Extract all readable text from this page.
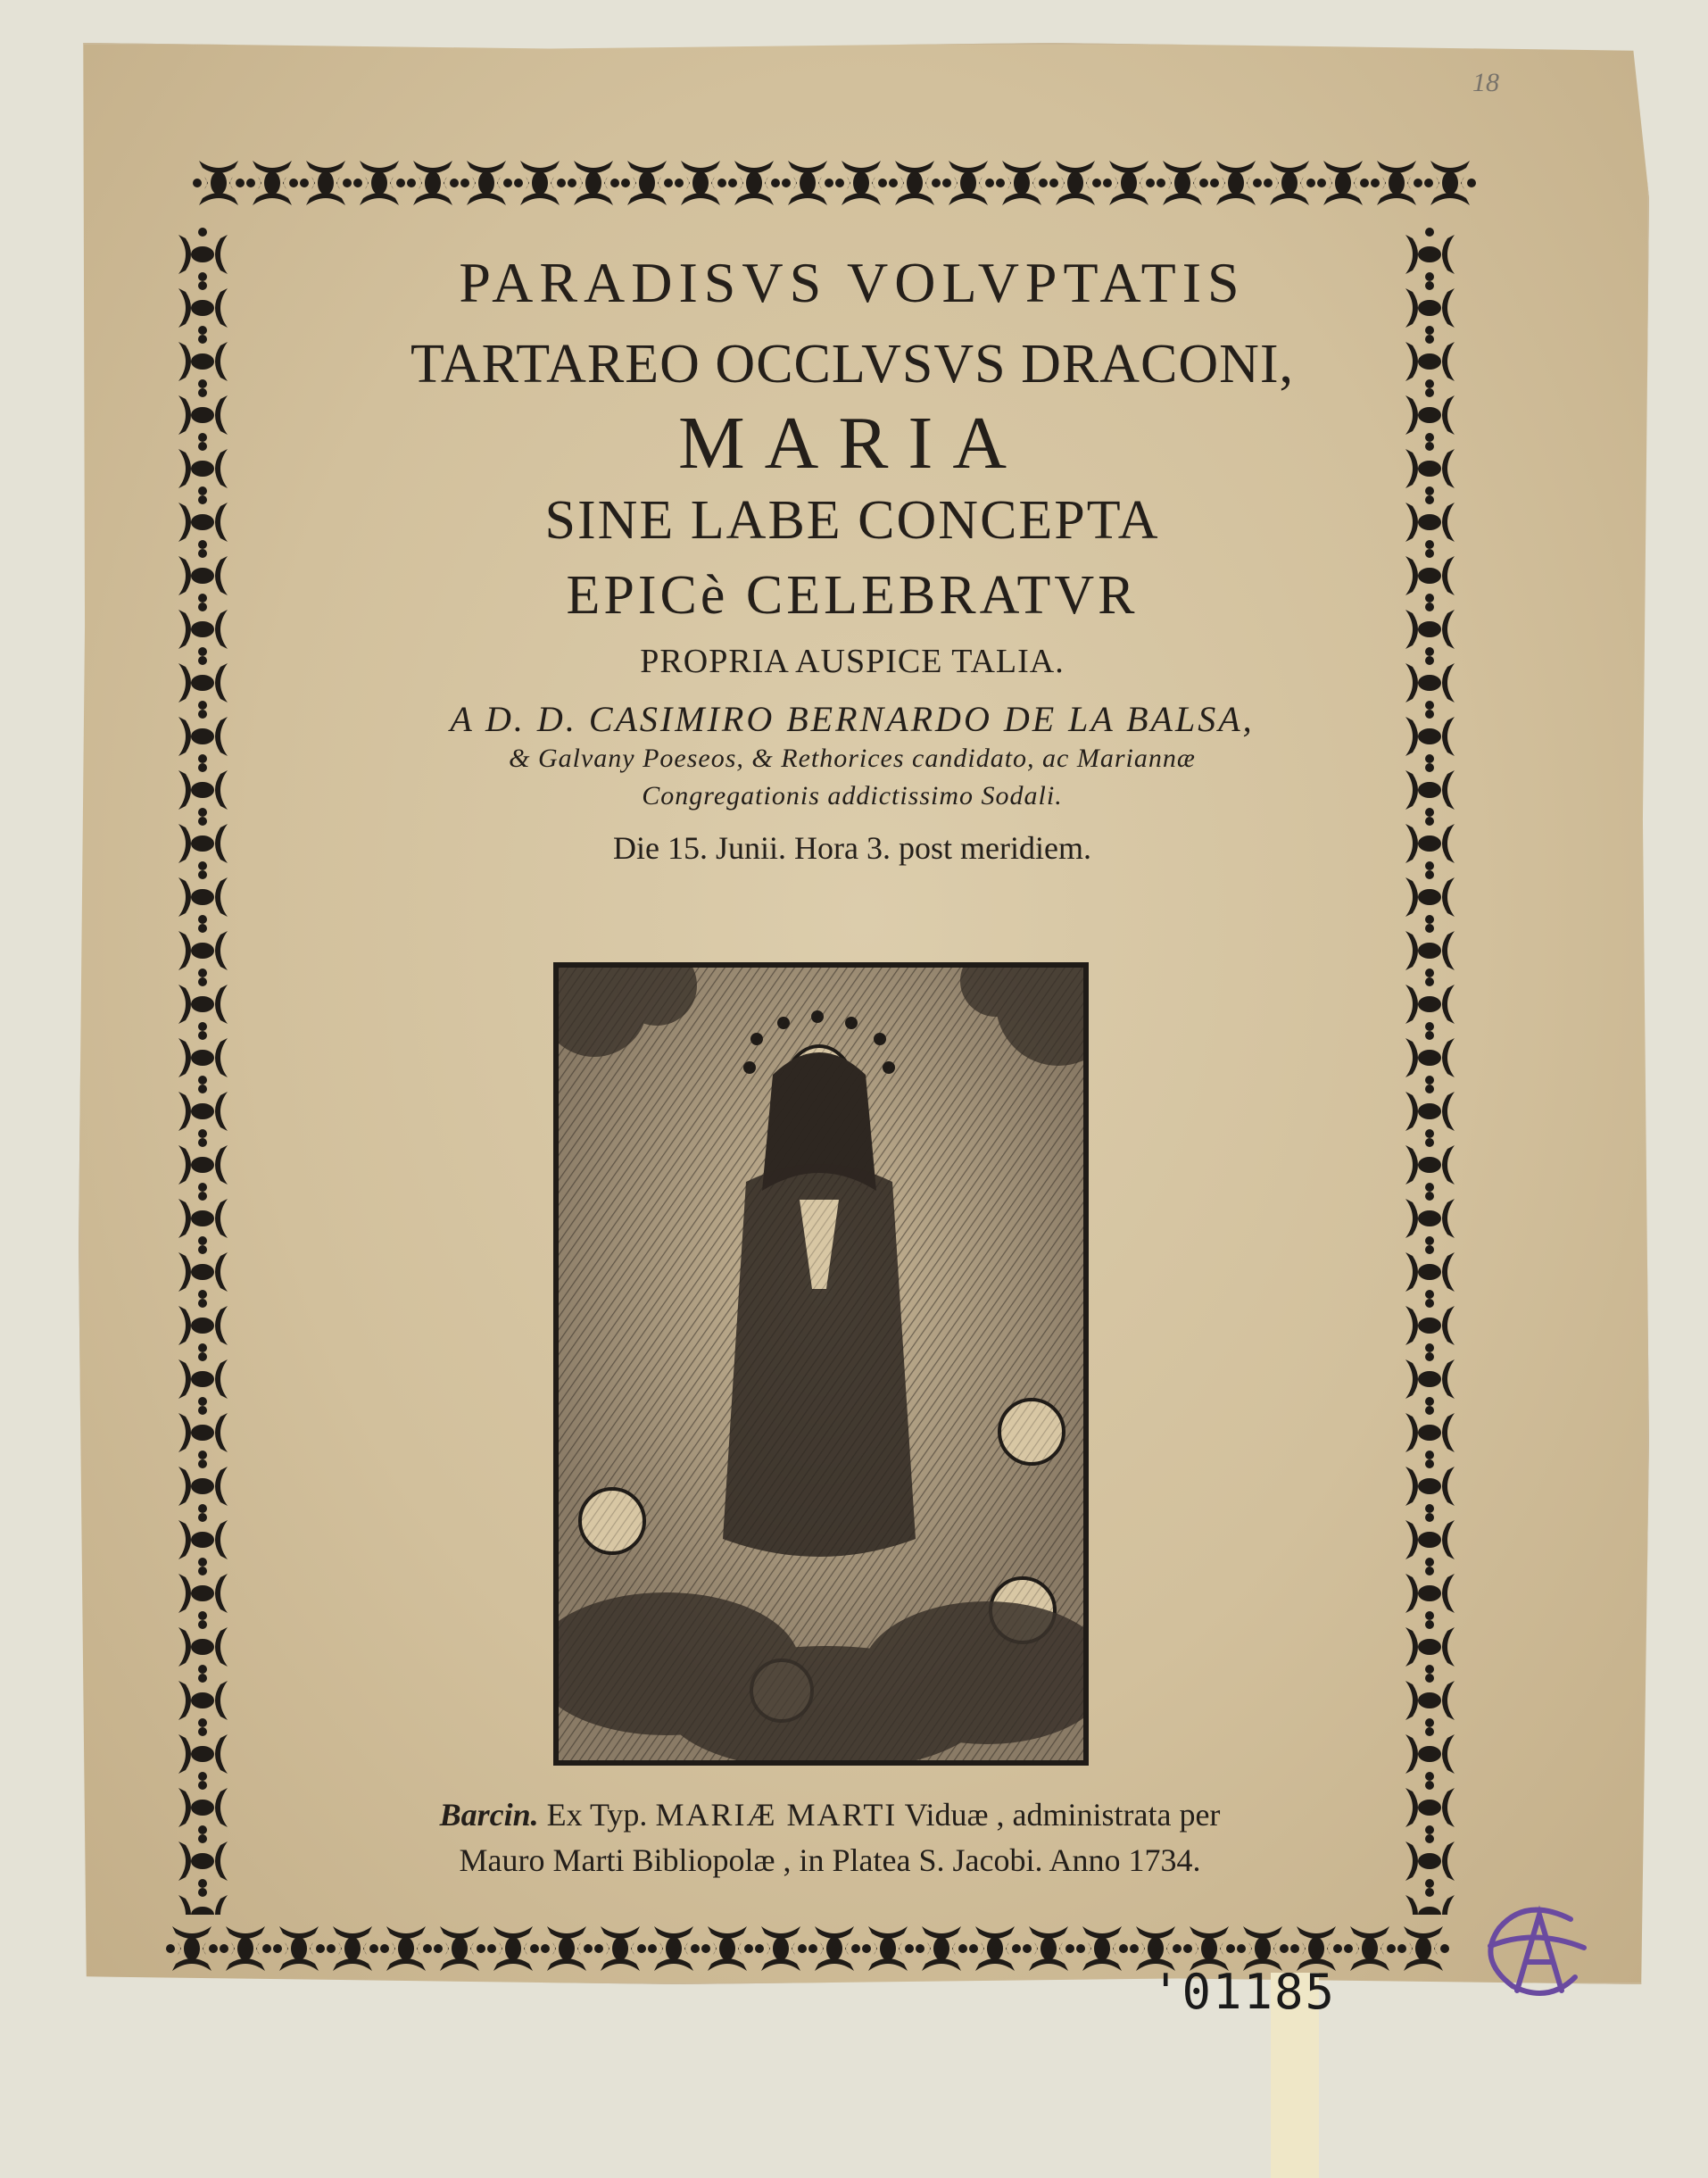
18
PARADISVS VOLVPTATIS
TARTAREO OCCLVSVS DRACONI,
MARIA
SINE LABE CONCEPTA
EPICè CELEBRATVR
PROPRIA AUSPICE TALIA.
A D. D. CASIMIRO BERNARDO DE LA BALSA,
& Galvany Poeseos, & Rethorices candidato, ac Mariannæ
Congregationis addictissimo Sodali.
Die 15. Junii. Hora 3. post meridiem.
Barcin. Ex Typ. MARIÆ MARTI Viduæ , administrata per
Mauro Marti Bibliopolæ , in Platea S. Jacobi. Anno 1734.
'01185
